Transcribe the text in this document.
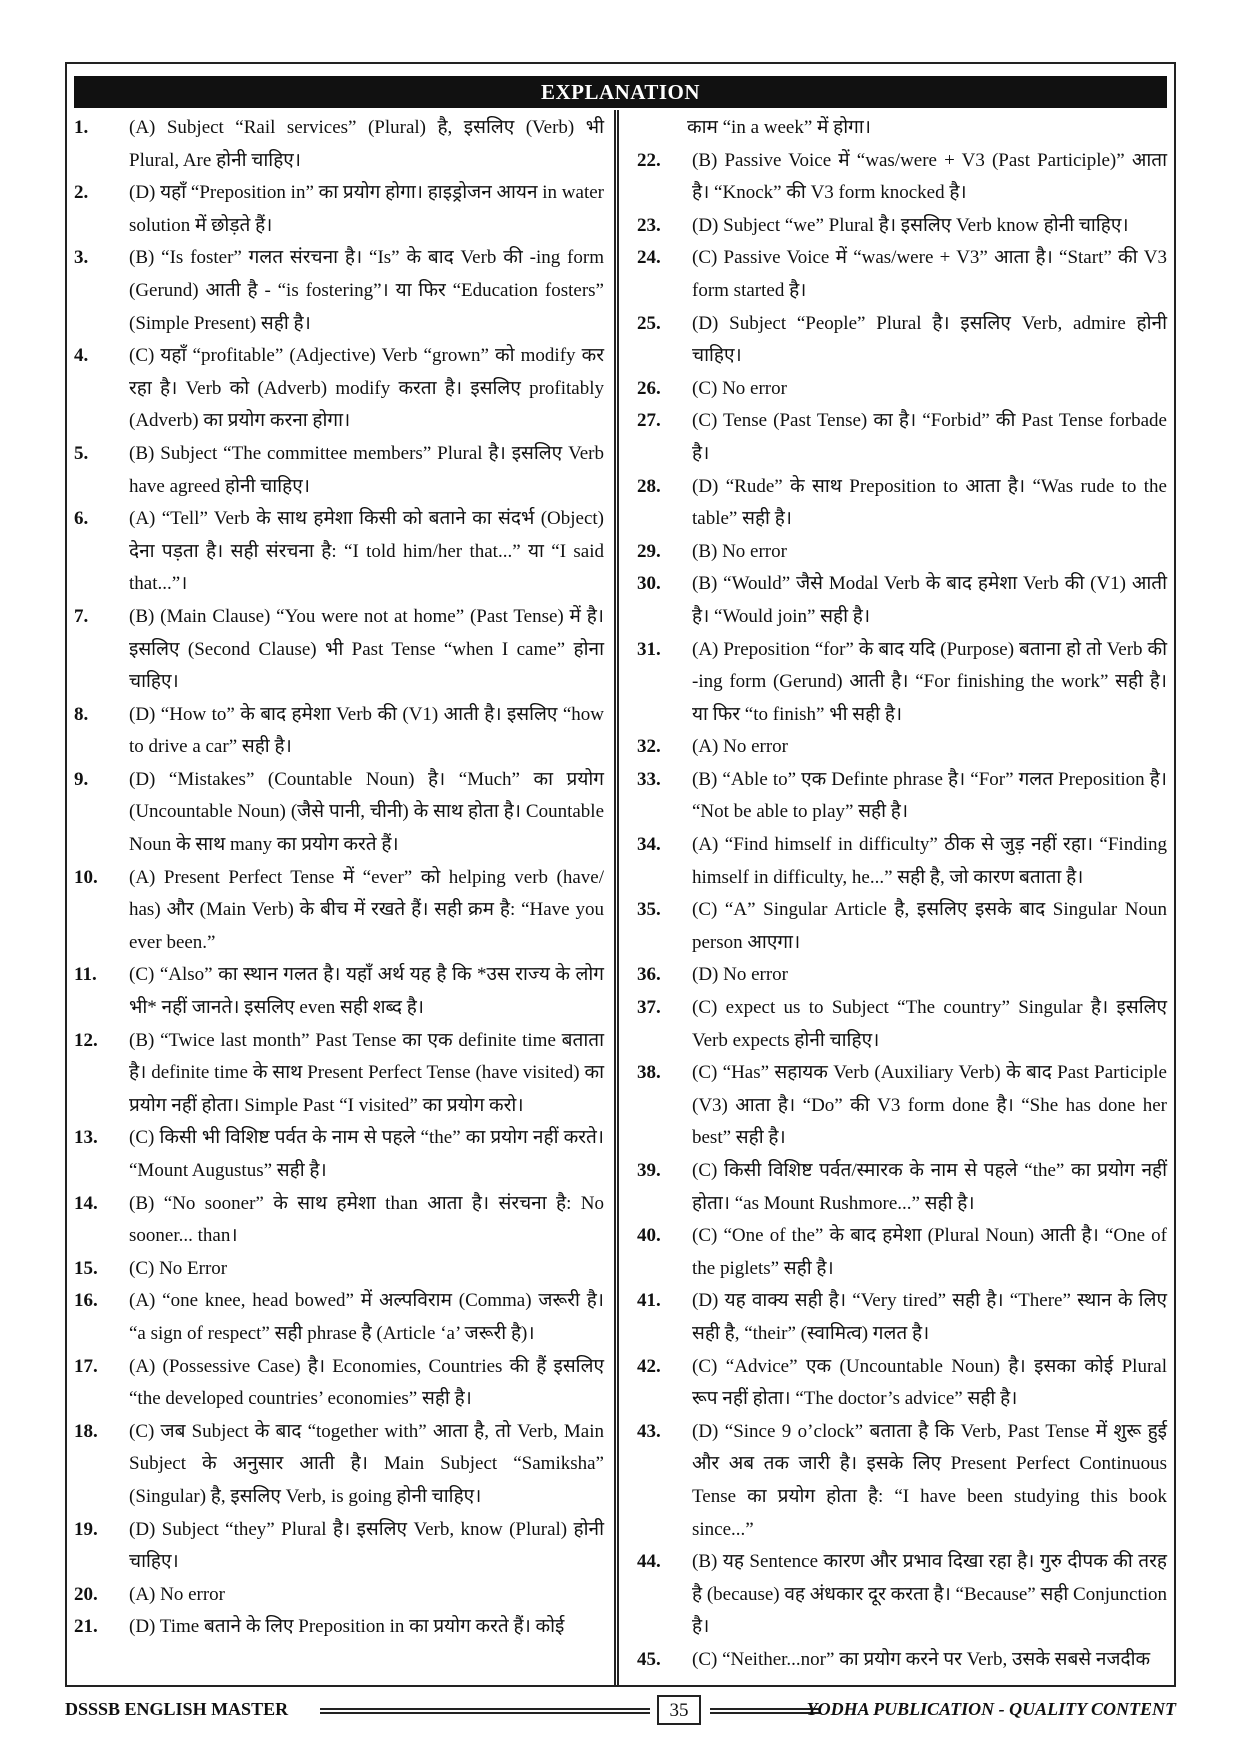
EXPLANATION
1.	(A) Subject “Rail services” (Plural) है, इसलिए (Verb) भी Plural, Are होनी चाहिए।
2.	(D) यहाँ “Preposition in” का प्रयोग होगा। हाइड्रोजन आयन in water solution में छोड़ते हैं।
3.	(B) “Is foster” गलत संरचना है। “Is” के बाद Verb की -ing form (Gerund) आती है - “is fostering”। या फिर “Education fosters” (Simple Present) सही है।
4.	(C) यहाँ “profitable” (Adjective) Verb “grown” को modify कर रहा है। Verb को (Adverb) modify करता है। इसलिए profitably (Adverb) का प्रयोग करना होगा।
5.	(B) Subject “The committee members” Plural है। इसलिए Verb have agreed होनी चाहिए।
6.	(A) “Tell” Verb के साथ हमेशा किसी को बताने का संदर्भ (Object) देना पड़ता है। सही संरचना है: “I told him/her that...” या “I said that...”।
7.	(B) (Main Clause) “You were not at home” (Past Tense) में है। इसलिए (Second Clause) भी Past Tense “when I came” होना चाहिए।
8.	(D) “How to” के बाद हमेशा Verb की (V1) आती है। इसलिए “how to drive a car” सही है।
9.	(D) “Mistakes” (Countable Noun) है। “Much” का प्रयोग (Uncountable Noun) (जैसे पानी, चीनी) के साथ होता है। Countable Noun के साथ many का प्रयोग करते हैं।
10.	(A) Present Perfect Tense में “ever” को helping verb (have/ has) और (Main Verb) के बीच में रखते हैं। सही क्रम है: “Have you ever been.”
11.	(C) “Also” का स्थान गलत है। यहाँ अर्थ यह है कि *उस राज्य के लोग भी* नहीं जानते। इसलिए even सही शब्द है।
12.	(B) “Twice last month” Past Tense का एक definite time बताता है। definite time के साथ Present Perfect Tense (have visited) का प्रयोग नहीं होता। Simple Past “I visited” का प्रयोग करो।
13.	(C) किसी भी विशिष्ट पर्वत के नाम से पहले “the” का प्रयोग नहीं करते। “Mount Augustus” सही है।
14.	(B) “No sooner” के साथ हमेशा than आता है। संरचना है: No sooner... than।
15.	(C) No Error
16.	(A) “one knee, head bowed” में अल्पविराम (Comma) जरूरी है। “a sign of respect” सही phrase है (Article ‘a’ जरूरी है)।
17.	(A) (Possessive Case) है। Economies, Countries की हैं इसलिए “the developed countries’ economies” सही है।
18.	(C) जब Subject के बाद “together with” आता है, तो Verb, Main Subject के अनुसार आती है। Main Subject “Samiksha” (Singular) है, इसलिए Verb, is going होनी चाहिए।
19.	(D) Subject “they” Plural है। इसलिए Verb, know (Plural) होनी चाहिए।
20.	(A) No error
21.	(D) Time बताने के लिए Preposition in का प्रयोग करते हैं। कोई
काम “in a week” में होगा।
22.	(B) Passive Voice में “was/were + V3 (Past Participle)” आता है। “Knock” की V3 form knocked है।
23.	(D) Subject “we” Plural है। इसलिए Verb know होनी चाहिए।
24.	(C) Passive Voice में “was/were + V3” आता है। “Start” की V3 form started है।
25.	(D) Subject “People” Plural है। इसलिए Verb, admire होनी चाहिए।
26.	(C) No error
27.	(C) Tense (Past Tense) का है। “Forbid” की Past Tense forbade है।
28.	(D) “Rude” के साथ Preposition to आता है। “Was rude to the table” सही है।
29.	(B) No error
30.	(B) “Would” जैसे Modal Verb के बाद हमेशा Verb की (V1) आती है। “Would join” सही है।
31.	(A) Preposition “for” के बाद यदि (Purpose) बताना हो तो Verb की -ing form (Gerund) आती है। “For finishing the work” सही है। या फिर “to finish” भी सही है।
32.	(A) No error
33.	(B) “Able to” एक Definte phrase है। “For” गलत Preposition है। “Not be able to play” सही है।
34.	(A) “Find himself in difficulty” ठीक से जुड़ नहीं रहा। “Finding himself in difficulty, he...” सही है, जो कारण बताता है।
35.	(C) “A” Singular Article है, इसलिए इसके बाद Singular Noun person आएगा।
36.	(D) No error
37.	(C) expect us to Subject “The country” Singular है। इसलिए Verb expects होनी चाहिए।
38.	(C) “Has” सहायक Verb (Auxiliary Verb) के बाद Past Participle (V3) आता है। “Do” की V3 form done है। “She has done her best” सही है।
39.	(C) किसी विशिष्ट पर्वत/स्मारक के नाम से पहले “the” का प्रयोग नहीं होता। “as Mount Rushmore...” सही है।
40.	(C) “One of the” के बाद हमेशा (Plural Noun) आती है। “One of the piglets” सही है।
41.	(D) यह वाक्य सही है। “Very tired” सही है। “There” स्थान के लिए सही है, “their” (स्वामित्व) गलत है।
42.	(C) “Advice” एक (Uncountable Noun) है। इसका कोई Plural रूप नहीं होता। “The doctor’s advice” सही है।
43.	(D) “Since 9 o’clock” बताता है कि Verb, Past Tense में शुरू हुई और अब तक जारी है। इसके लिए Present Perfect Continuous Tense का प्रयोग होता है: “I have been studying this book since...”
44.	(B) यह Sentence कारण और प्रभाव दिखा रहा है। गुरु दीपक की तरह है (because) वह अंधकार दूर करता है। “Because” सही Conjunction है।
45.	(C) “Neither...nor” का प्रयोग करने पर Verb, उसके सबसे नजदीक
DSSSB ENGLISH MASTER	35	YODHA PUBLICATION - QUALITY CONTENT
